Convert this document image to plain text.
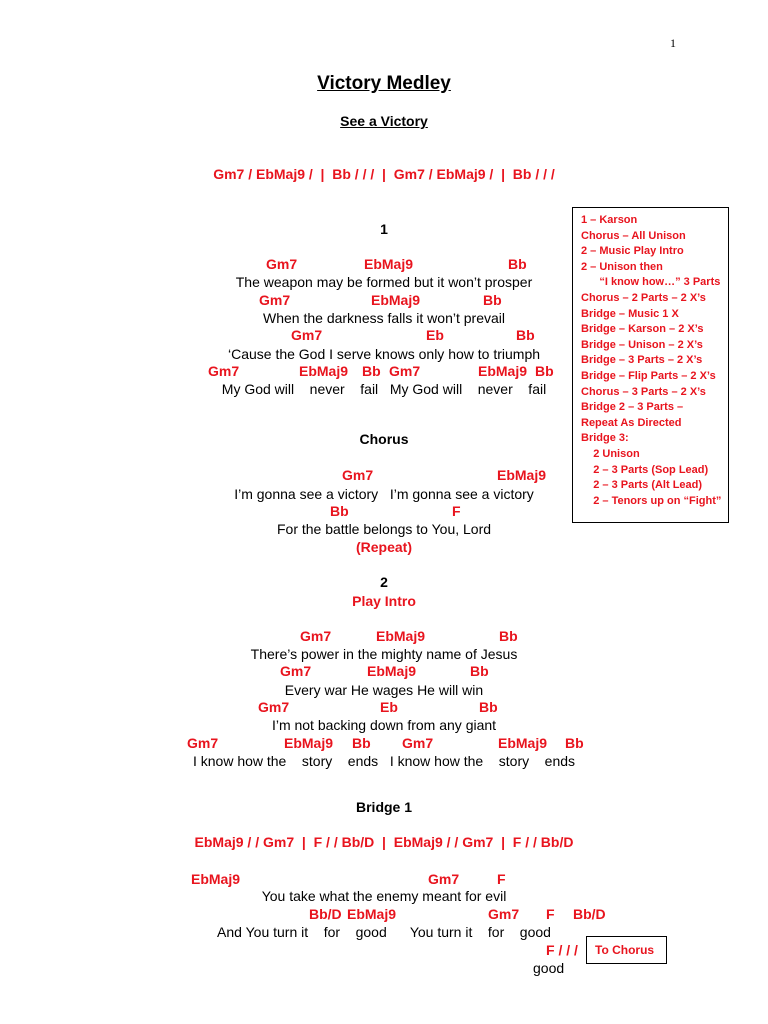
1
Victory Medley
See a Victory
Gm7 / EbMaj9 /  |  Bb / / /  |  Gm7 / EbMaj9 /  |  Bb / / /
1
Gm7	EbMaj9	Bb
The weapon may be formed but it won’t prosper
Gm7	EbMaj9	Bb
When the darkness falls it won’t prevail
Gm7	Eb	Bb
‘Cause the God I serve knows only how to triumph
Gm7	EbMaj9 Bb Gm7	EbMaj9 Bb
My God will    never    fail   My God will    never    fail
Chorus
Gm7	EbMaj9
I’m gonna see a victory   I’m gonna see a victory
Bb	F
For the battle belongs to You, Lord
(Repeat)
2
Play Intro
Gm7	EbMaj9	Bb
There’s power in the mighty name of Jesus
Gm7	EbMaj9	Bb
Every war He wages He will win
Gm7	Eb	Bb
I’m not backing down from any giant
Gm7	EbMaj9 Bb Gm7	EbMaj9 Bb
I know how the    story    ends   I know how the    story    ends
Bridge 1
EbMaj9 / / Gm7  |  F / / Bb/D  |  EbMaj9 / / Gm7  |  F / / Bb/D
EbMaj9	Gm7	F
You take what the enemy meant for evil
Bb/D EbMaj9	Gm7 F Bb/D
And You turn it    for    good      You turn it    for    good
F / / /
good
To Chorus
1 – Karson
Chorus – All Unison
2 – Music Play Intro
2 – Unison then
“I know how…” 3 Parts
Chorus – 2 Parts – 2 X’s
Bridge – Music 1 X
Bridge – Karson – 2 X’s
Bridge – Unison – 2 X’s
Bridge – 3 Parts – 2 X’s
Bridge – Flip Parts – 2 X’s
Chorus – 3 Parts – 2 X’s
Bridge 2 – 3 Parts –
Repeat As Directed
Bridge 3:
2 Unison
2 – 3 Parts (Sop Lead)
2 – 3 Parts (Alt Lead)
2 – Tenors up on “Fight”
